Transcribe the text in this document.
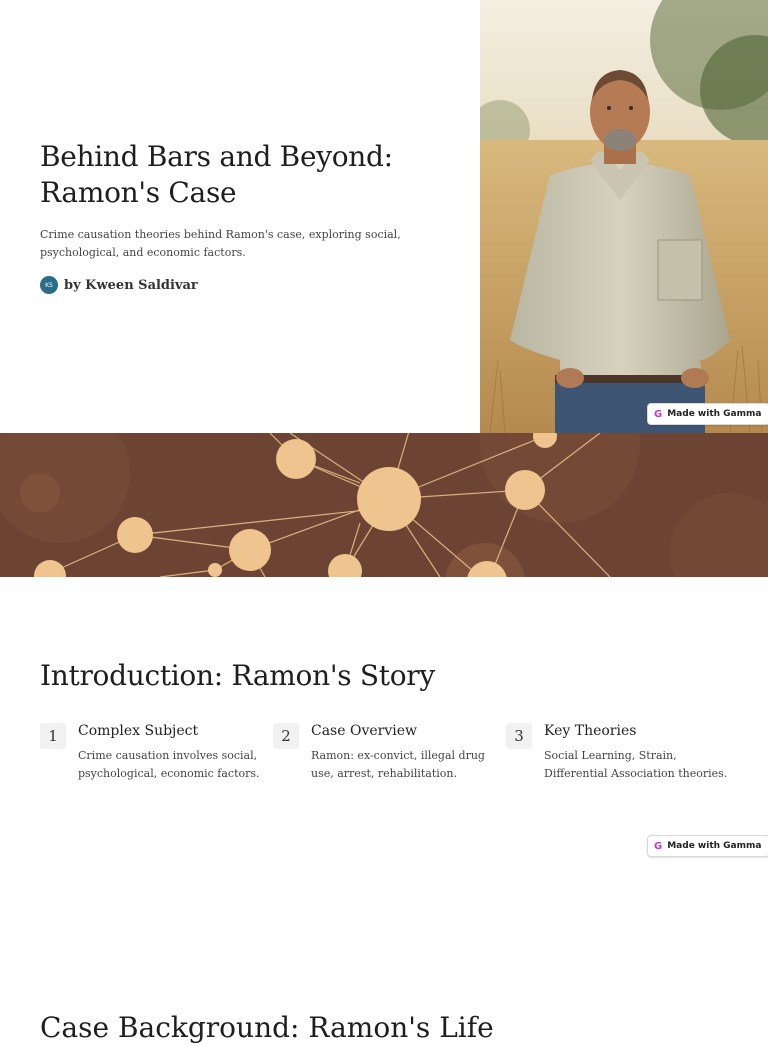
Behind Bars and Beyond:
Ramon's Case

Crime causation theories behind Ramon's case, exploring social, psychological, and economic factors.

KS by Kween Saldivar
G Made with Gamma
Introduction: Ramon's Story
1	Complex Subject
Crime causation involves social, psychological, economic factors.
2	Case Overview
Ramon: ex-convict, illegal drug use, arrest, rehabilitation.
3	Key Theories
Social Learning, Strain, Differential Association theories.
G Made with Gamma
Case Background: Ramon's Life
